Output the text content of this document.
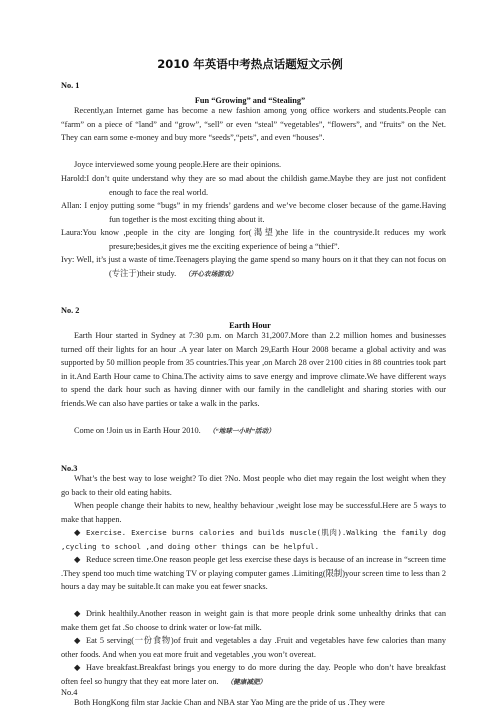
2010 年英语中考热点话题短文示例
No. 1
Fun “Growing” and “Stealing”
Recently,an Internet game has become a new fashion among yong office workers and students.People can “farm” on a piece of “land” and “grow”, “sell” or even “steal” “vegetables”, “flowers”, and “fruits” on the Net. They can earn some e-money and buy more “seeds”,“pets”, and even “houses”.
Joyce interviewed some young people.Here are their opinions.
Harold:I don’t quite understand why they are so mad about the childish game.Maybe they are just not confident enough to face the real world.
Allan: I enjoy putting some “bugs” in my friends’ gardens and we’ve become closer because of the game.Having fun together is the most exciting thing about it.
Laura:You know ,people in the city are longing for(渴望)the life in the countryside.It reduces my work presure;besides,it gives me the exciting experience of being a “thief”.
Ivy: Well, it’s just a waste of time.Teenagers playing the game spend so many hours on it that they can not focus on (专注于)their study. （开心农场游戏）
No. 2
Earth Hour
Earth Hour started in Sydney at 7:30 p.m. on March 31,2007.More than 2.2 million homes and businesses turned off their lights for an hour .A year later on March 29,Earth Hour 2008 became a global activity and was supported by 50 million people from 35 countries.This year ,on March 28 over 2100 cities in 88 countries took part in it.And Earth Hour came to China.The activity aims to save energy and improve climate.We have different ways to spend the dark hour such as having dinner with our family in the candlelight and sharing stories with our friends.We can also have parties or take a walk in the parks.
Come on !Join us in Earth Hour 2010. （“地球一小时”活动）
No.3
What’s the best way to lose weight? To diet ?No. Most people who diet may regain the lost weight when they go back to their old eating habits.
When people change their habits to new, healthy behaviour ,weight lose may be successful.Here are 5 ways to make that happen.
◆ Exercise. Exercise burns calories and builds muscle(肌肉).Walking the family dog ,cycling to school ,and doing other things can be helpful.
◆ Reduce screen time.One reason people get less exercise these days is because of an increase in “screen time .They spend too much time watching TV or playing computer games .Limiting(限制)your screen time to less than 2 hours a day may be suitable.It can make you eat fewer snacks.
◆ Drink healthily.Another reason in weight gain is that more people drink some unhealthy drinks that can make them get fat .So choose to drink water or low-fat milk.
◆ Eat 5 serving(一份食物)of fruit and vegetables a day .Fruit and vegetables have few calories than many other foods. And when you eat more fruit and vegetables ,you won’t overeat.
◆ Have breakfast.Breakfast brings you energy to do more during the day. People who don’t have breakfast often feel so hungry that they eat more later on. （健康减肥）
No.4
Both HongKong film star Jackie Chan and NBA star Yao Ming are the pride of us .They were
